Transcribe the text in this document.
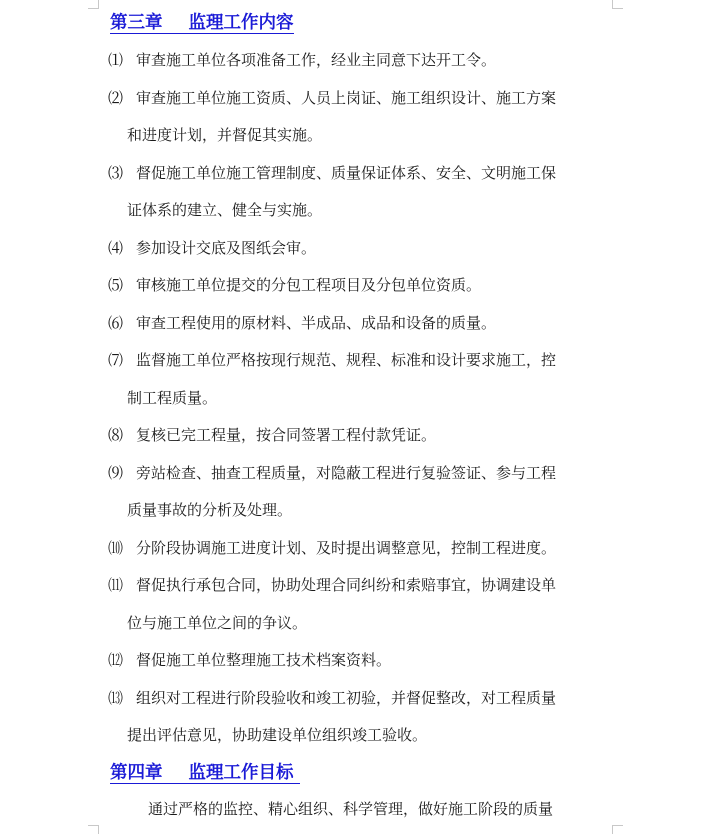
第三章 监理工作内容
⑴ 审查施工单位各项准备工作，经业主同意下达开工令。
⑵ 审查施工单位施工资质、人员上岗证、施工组织设计、施工方案
和进度计划，并督促其实施。
⑶ 督促施工单位施工管理制度、质量保证体系、安全、文明施工保
证体系的建立、健全与实施。
⑷ 参加设计交底及图纸会审。
⑸ 审核施工单位提交的分包工程项目及分包单位资质。
⑹ 审查工程使用的原材料、半成品、成品和设备的质量。
⑺ 监督施工单位严格按现行规范、规程、标准和设计要求施工，控
制工程质量。
⑻ 复核已完工程量，按合同签署工程付款凭证。
⑼ 旁站检查、抽查工程质量，对隐蔽工程进行复验签证、参与工程
质量事故的分析及处理。
⑽ 分阶段协调施工进度计划、及时提出调整意见，控制工程进度。
⑾ 督促执行承包合同，协助处理合同纠纷和索赔事宜，协调建设单
位与施工单位之间的争议。
⑿ 督促施工单位整理施工技术档案资料。
⒀ 组织对工程进行阶段验收和竣工初验，并督促整改，对工程质量
提出评估意见，协助建设单位组织竣工验收。
第四章 监理工作目标
通过严格的监控、精心组织、科学管理，做好施工阶段的质量
